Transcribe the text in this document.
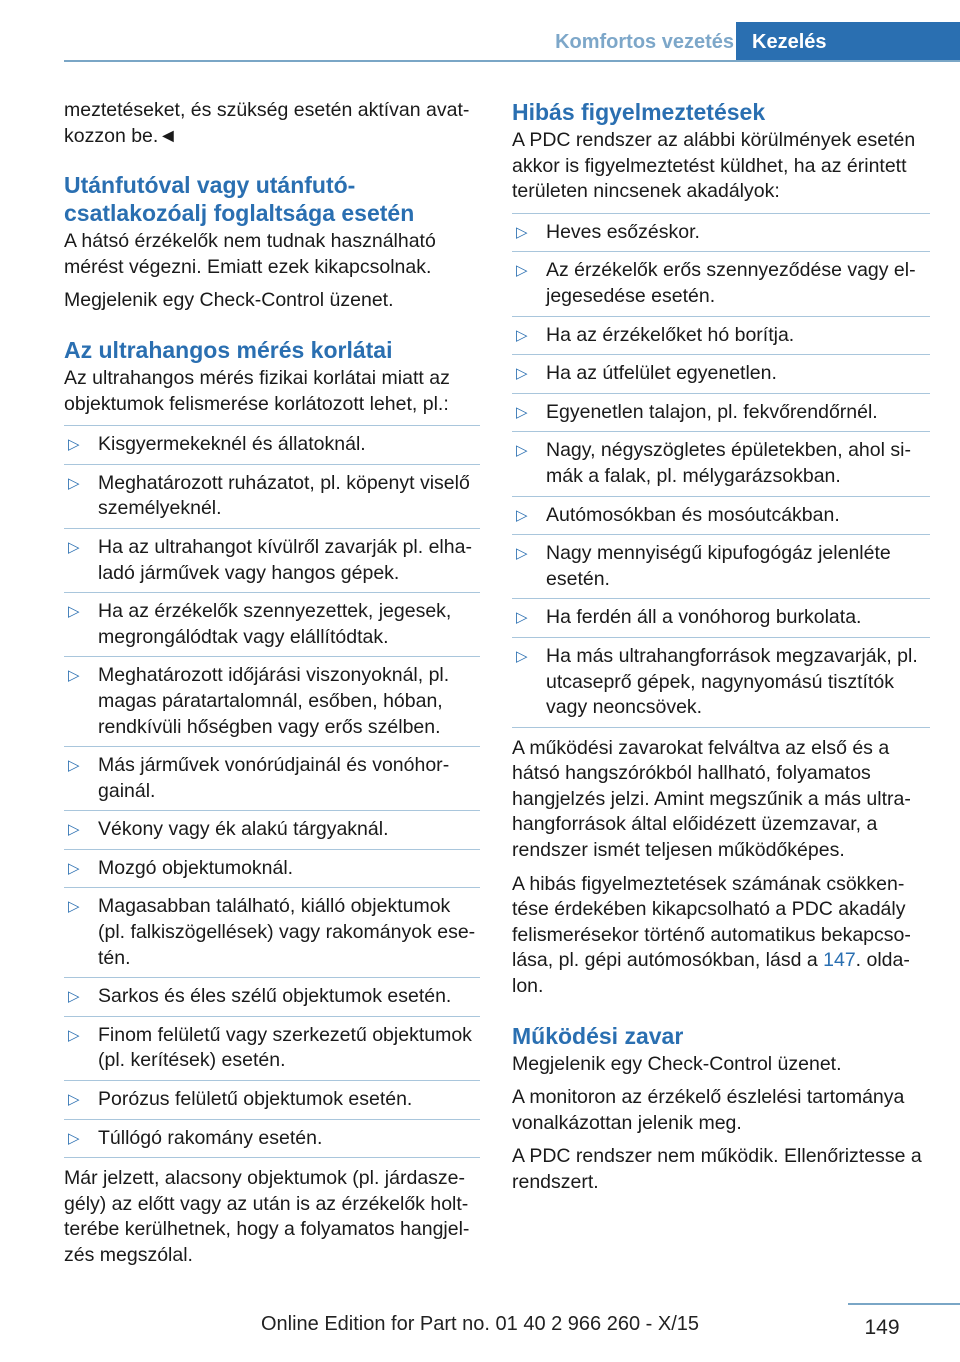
Komfortos vezetés Kezelés

meztetéseket, és szükség esetén aktívan avatkozzon be.◄

Utánfutóval vagy utánfutócsatlakozóalj foglaltsága esetén

A hátsó érzékelők nem tudnak használható mérést végezni. Emiatt ezek kikapcsolnak.

Megjelenik egy Check-Control üzenet.

Az ultrahangos mérés korlátai

Az ultrahangos mérés fizikai korlátai miatt az objektumok felismerése korlátozott lehet, pl.:

▷ Kisgyermekeknél és állatoknál.
▷ Meghatározott ruházatot, pl. köpenyt viselő személyeknél.
▷ Ha az ultrahangot kívülről zavarják pl. elhaladó járművek vagy hangos gépek.
▷ Ha az érzékelők szennyezettek, jegesek, megrongálódtak vagy elállítódtak.
▷ Meghatározott időjárási viszonyoknál, pl. magas páratartalomnál, esőben, hóban, rendkívüli hőségben vagy erős szélben.
▷ Más járművek vonórúdjainál és vonóhorgainál.
▷ Vékony vagy ék alakú tárgyaknál.
▷ Mozgó objektumoknál.
▷ Magasabban található, kiálló objektumok (pl. falkiszögellések) vagy rakományok esetén.
▷ Sarkos és éles szélű objektumok esetén.
▷ Finom felületű vagy szerkezetű objektumok (pl. kerítések) esetén.
▷ Porózus felületű objektumok esetén.
▷ Túllógó rakomány esetén.

Már jelzett, alacsony objektumok (pl. járdaszegély) az előtt vagy az után is az érzékelők holtterébe kerülhetnek, hogy a folyamatos hangjelzés megszólal.

Hibás figyelmeztetések

A PDC rendszer az alábbi körülmények esetén akkor is figyelmeztetést küldhet, ha az érintett területen nincsenek akadályok:

▷ Heves esőzéskor.
▷ Az érzékelők erős szennyeződése vagy eljegesedése esetén.
▷ Ha az érzékelőket hó borítja.
▷ Ha az útfelület egyenetlen.
▷ Egyenetlen talajon, pl. fekvőrendőrnél.
▷ Nagy, négyszögletes épületekben, ahol simák a falak, pl. mélygarázsokban.
▷ Autómosókban és mosóutcákban.
▷ Nagy mennyiségű kipufogógáz jelenléte esetén.
▷ Ha ferdén áll a vonóhorog burkolata.
▷ Ha más ultrahangforrások megzavarják, pl. utcaseprő gépek, nagynyomású tisztítók vagy neoncsövek.

A működési zavarokat felváltva az első és a hátsó hangszórókból hallható, folyamatos hangjelzés jelzi. Amint megszűnik a más ultrahangforrások által előidézett üzemzavar, a rendszer ismét teljesen működőképes.

A hibás figyelmeztetések számának csökkentése érdekében kikapcsolható a PDC akadály felismerésekor történő automatikus bekapcsolása, pl. gépi autómosókban, lásd a 147. oldalon.

Működési zavar

Megjelenik egy Check-Control üzenet.

A monitoron az érzékelő észlelési tartománya vonalkázottan jelenik meg.

A PDC rendszer nem működik. Ellenőriztesse a rendszert.

149
Online Edition for Part no. 01 40 2 966 260 - X/15
